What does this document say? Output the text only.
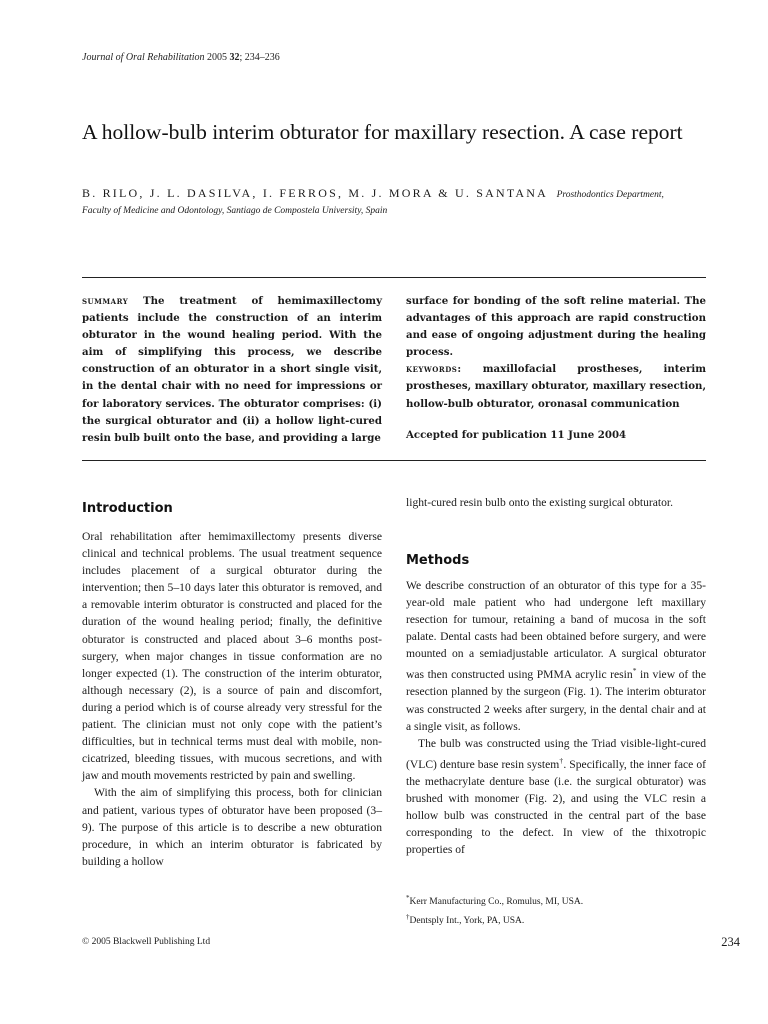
Journal of Oral Rehabilitation 2005 32; 234–236
A hollow-bulb interim obturator for maxillary resection. A case report
B. RILO, J. L. DASILVA, I. FERROS, M. J. MORA & U. SANTANA Prosthodontics Department,
Faculty of Medicine and Odontology, Santiago de Compostela University, Spain
summary The treatment of hemimaxillectomy patients include the construction of an interim obturator in the wound healing period. With the aim of simplifying this process, we describe construction of an obturator in a short single visit, in the dental chair with no need for impressions or for laboratory services. The obturator comprises: (i) the surgical obturator and (ii) a hollow light-cured resin bulb built onto the base, and providing a large
surface for bonding of the soft reline material. The advantages of this approach are rapid construction and ease of ongoing adjustment during the healing process.
keywords: maxillofacial prostheses, interim prostheses, maxillary obturator, maxillary resection, hollow-bulb obturator, oronasal communication
Accepted for publication 11 June 2004
Introduction

Oral rehabilitation after hemimaxillectomy presents diverse clinical and technical problems. The usual treatment sequence includes placement of a surgical obturator during the intervention; then 5–10 days later this obturator is removed, and a removable interim obturator is constructed and placed for the duration of the wound healing period; finally, the definitive obturator is constructed and placed about 3–6 months post-surgery, when major changes in tissue conformation are no longer expected (1). The construction of the interim obturator, although necessary (2), is a source of pain and discomfort, during a period which is of course already very stressful for the patient. The clinician must not only cope with the patient’s difficulties, but in technical terms must deal with mobile, non-cicatrized, bleeding tissues, with mucous secretions, and with jaw and mouth movements restricted by pain and swelling.

With the aim of simplifying this process, both for clinician and patient, various types of obturator have been proposed (3–9). The purpose of this article is to describe a new obturation procedure, in which an interim obturator is fabricated by building a hollow

light-cured resin bulb onto the existing surgical obturator.

Methods

We describe construction of an obturator of this type for a 35-year-old male patient who had undergone left maxillary resection for tumour, retaining a band of mucosa in the soft palate. Dental casts had been obtained before surgery, and were mounted on a semiadjustable articulator. A surgical obturator was then constructed using PMMA acrylic resin* in view of the resection planned by the surgeon (Fig. 1). The interim obturator was constructed 2 weeks after surgery, in the dental chair and at a single visit, as follows.

The bulb was constructed using the Triad visible-light-cured (VLC) denture base resin system†. Specifically, the inner face of the methacrylate denture base (i.e. the surgical obturator) was brushed with monomer (Fig. 2), and using the VLC resin a hollow bulb was constructed in the central part of the base corresponding to the defect. In view of the thixotropic properties of

*Kerr Manufacturing Co., Romulus, MI, USA.
†Dentsply Int., York, PA, USA.
© 2005 Blackwell Publishing Ltd	234
